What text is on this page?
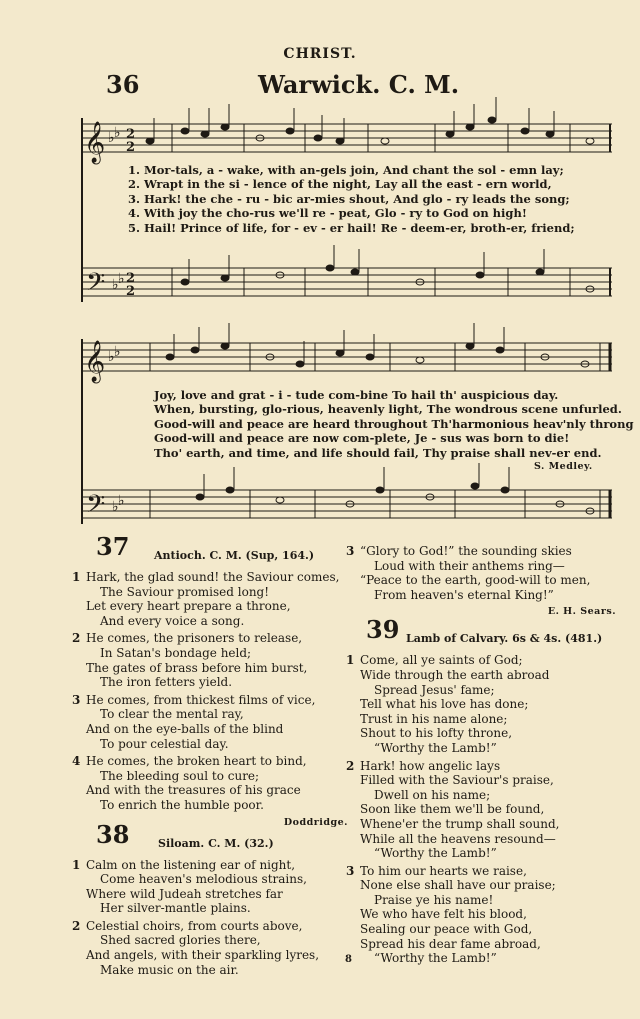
CHRIST.
36	Warwick. C. M.
𝄞
𝄢
𝄞
𝄢
♭ ♭ 2
2
♭ ♭ 2
2
♭ ♭
♭ ♭
1. Mor-tals, a - wake, with an-gels join, And chant the sol - emn lay;
2. Wrapt in the si - lence of the night, Lay all the east - ern world,
3. Hark! the che - ru - bic ar-mies shout, And glo - ry leads the song;
4. With joy the cho-rus we'll re - peat, Glo - ry to God on high!
5. Hail! Prince of life, for - ev - er hail! Re - deem-er, broth-er, friend;
Joy, love and grat - i - tude com-bine To hail th' auspicious day.
When, bursting, glo-rious, heavenly light, The wondrous scene unfurled.
Good-will and peace are heard throughout Th'harmonious heav'nly throng
Good-will and peace are now com-plete, Je - sus was born to die!
Tho' earth, and time, and life should fail, Thy praise shall nev-er end.
S. Medley.
37 Antioch. C. M. (Sup, 164.)
1 Hark, the glad sound! the Saviour comes,
The Saviour promised long!
Let every heart prepare a throne,
And every voice a song.
2 He comes, the prisoners to release,
In Satan's bondage held;
The gates of brass before him burst,
The iron fetters yield.
3 He comes, from thickest films of vice,
To clear the mental ray,
And on the eye-balls of the blind
To pour celestial day.
4 He comes, the broken heart to bind,
The bleeding soul to cure;
And with the treasures of his grace
To enrich the humble poor.
Doddridge.
38	Siloam. C. M. (32.)
1 Calm on the listening ear of night,
Come heaven's melodious strains,
Where wild Judeah stretches far
Her silver-mantle plains.
2 Celestial choirs, from courts above,
Shed sacred glories there,
And angels, with their sparkling lyres,
Make music on the air.
3 “Glory to God!” the sounding skies
Loud with their anthems ring—
“Peace to the earth, good-will to men,
From heaven's eternal King!”
E. H. Sears.
39 Lamb of Calvary. 6s & 4s. (481.)
1 Come, all ye saints of God;
Wide through the earth abroad
Spread Jesus' fame;
Tell what his love has done;
Trust in his name alone;
Shout to his lofty throne,
“Worthy the Lamb!”
2 Hark! how angelic lays
Filled with the Saviour's praise,
Dwell on his name;
Soon like them we'll be found,
Whene'er the trump shall sound,
While all the heavens resound—
“Worthy the Lamb!”
3 To him our hearts we raise,
None else shall have our praise;
Praise ye his name!
We who have felt his blood,
Sealing our peace with God,
Spread his dear fame abroad,
“Worthy the Lamb!”
8
